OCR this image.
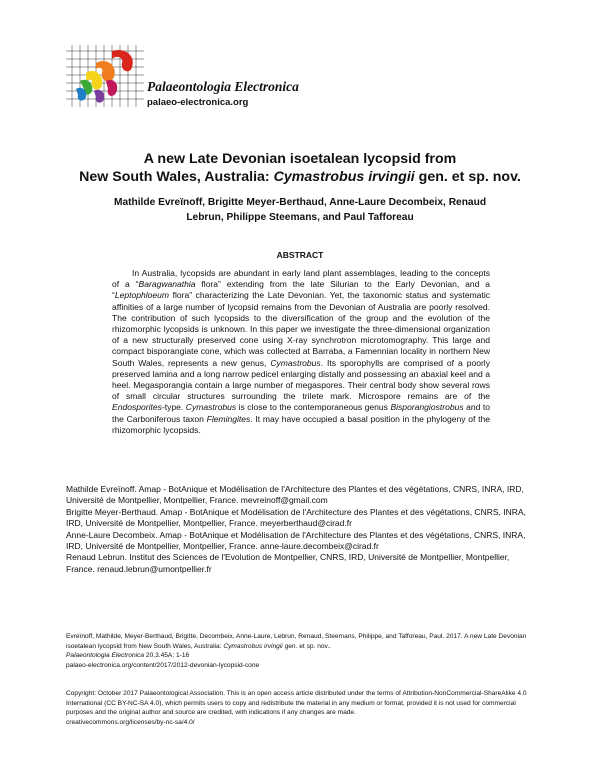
Palaeontologia Electronica
palaeo-electronica.org
A new Late Devonian isoetalean lycopsid from
New South Wales, Australia: Cymastrobus irvingii gen. et sp. nov.
Mathilde Evreïnoff, Brigitte Meyer-Berthaud, Anne-Laure Decombeix, Renaud
Lebrun, Philippe Steemans, and Paul Tafforeau
ABSTRACT

In Australia, lycopsids are abundant in early land plant assemblages, leading to the concepts of a “Baragwanathia flora” extending from the late Silurian to the Early Devonian, and a “Leptophloeum flora” characterizing the Late Devonian. Yet, the taxonomic status and systematic affinities of a large number of lycopsid remains from the Devonian of Australia are poorly resolved. The contribution of such lycopsids to the diversification of the group and the evolution of the rhizomorphic lycopsids is unknown. In this paper we investigate the three-dimensional organization of a new structurally preserved cone using X-ray synchrotron microtomography. This large and compact bisporangiate cone, which was collected at Barraba, a Famennian locality in northern New South Wales, represents a new genus, Cymastrobus. Its sporophylls are comprised of a poorly preserved lamina and a long narrow pedicel enlarging distally and possessing an abaxial keel and a heel. Megasporangia contain a large number of megaspores. Their central body show several rows of small circular structures surrounding the trilete mark. Microspore remains are of the Endosporites-type. Cymastrobus is close to the contemporaneous genus Bisporangiostrobus and to the Carboniferous taxon Flemingites. It may have occupied a basal position in the phylogeny of the rhizomorphic lycopsids.

Mathilde Evreïnoff. Amap - BotAnique et Modélisation de l'Architecture des Plantes et des végétations, CNRS, INRA, IRD, Université de Montpellier, Montpellier, France. mevreinoff@gmail.com

Brigitte Meyer-Berthaud. Amap - BotAnique et Modélisation de l'Architecture des Plantes et des végétations, CNRS, INRA, IRD, Université de Montpellier, Montpellier, France. meyerberthaud@cirad.fr

Anne-Laure Decombeix. Amap - BotAnique et Modélisation de l'Architecture des Plantes et des végétations, CNRS, INRA, IRD, Université de Montpellier, Montpellier, France. anne-laure.decombeix@cirad.fr

Renaud Lebrun. Institut des Sciences de l'Evolution de Montpellier, CNRS, IRD, Université de Montpellier, Montpellier, France. renaud.lebrun@umontpellier.fr

Evreïnoff, Mathilde, Meyer-Berthaud, Brigitte, Decombeix, Anne-Laure, Lebrun, Renaud, Steemans, Philippe, and Tafforeau, Paul. 2017. A new Late Devonian isoetalean lycopsid from New South Wales, Australia: Cymastrobus irvingii gen. et sp. nov..
Palaeontologia Electronica 20.3.45A: 1-16

palaeo-electronica.org/content/2017/2012-devonian-lycopsid-cone

Copyright: October 2017 Palaeontological Association. This is an open access article distributed under the terms of Attribution-NonCommercial-ShareAlike 4.0 International (CC BY-NC-SA 4.0), which permits users to copy and redistribute the material in any medium or format, provided it is not used for commercial purposes and the original author and source are credited, with indications if any changes are made.

creativecommons.org/licenses/by-nc-sa/4.0/
